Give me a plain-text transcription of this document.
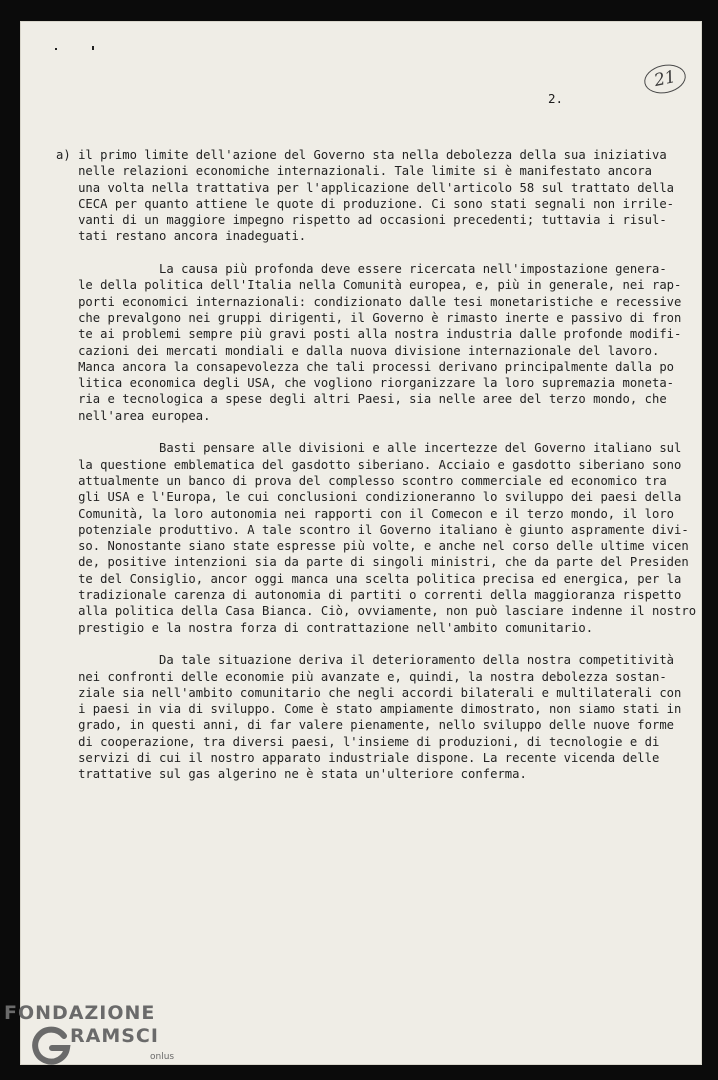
21
2.
a) il primo limite dell'azione del Governo sta nella debolezza della sua iniziativa
nelle relazioni economiche internazionali. Tale limite si è manifestato ancora
una volta nella trattativa per l'applicazione dell'articolo 58 sul trattato della
CECA per quanto attiene le quote di produzione. Ci sono stati segnali non irrile-
vanti di un maggiore impegno rispetto ad occasioni precedenti; tuttavia i risul-
tati restano ancora inadeguati.
La causa più profonda deve essere ricercata nell'impostazione genera-
le della politica dell'Italia nella Comunità europea, e, più in generale, nei rap-
porti economici internazionali: condizionato dalle tesi monetaristiche e recessive
che prevalgono nei gruppi dirigenti, il Governo è rimasto inerte e passivo di fron
te ai problemi sempre più gravi posti alla nostra industria dalle profonde modifi-
cazioni dei mercati mondiali e dalla nuova divisione internazionale del lavoro.
Manca ancora la consapevolezza che tali processi derivano principalmente dalla po
litica economica degli USA, che vogliono riorganizzare la loro supremazia moneta-
ria e tecnologica a spese degli altri Paesi, sia nelle aree del terzo mondo, che
nell'area europea.
Basti pensare alle divisioni e alle incertezze del Governo italiano sul
la questione emblematica del gasdotto siberiano. Acciaio e gasdotto siberiano sono
attualmente un banco di prova del complesso scontro commerciale ed economico tra
gli USA e l'Europa, le cui conclusioni condizioneranno lo sviluppo dei paesi della
Comunità, la loro autonomia nei rapporti con il Comecon e il terzo mondo, il loro
potenziale produttivo. A tale scontro il Governo italiano è giunto aspramente divi-
so. Nonostante siano state espresse più volte, e anche nel corso delle ultime vicen
de, positive intenzioni sia da parte di singoli ministri, che da parte del Presiden
te del Consiglio, ancor oggi manca una scelta politica precisa ed energica, per la
tradizionale carenza di autonomia di partiti o correnti della maggioranza rispetto
alla politica della Casa Bianca. Ciò, ovviamente, non può lasciare indenne il nostro
prestigio e la nostra forza di contrattazione nell'ambito comunitario.
Da tale situazione deriva il deterioramento della nostra competitività
nei confronti delle economie più avanzate e, quindi, la nostra debolezza sostan-
ziale sia nell'ambito comunitario che negli accordi bilaterali e multilaterali con
i paesi in via di sviluppo. Come è stato ampiamente dimostrato, non siamo stati in
grado, in questi anni, di far valere pienamente, nello sviluppo delle nuove forme
di cooperazione, tra diversi paesi, l'insieme di produzioni, di tecnologie e di
servizi di cui il nostro apparato industriale dispone. La recente vicenda delle
trattative sul gas algerino ne è stata un'ulteriore conferma.
FONDAZIONE
RAMSCI
onlus
